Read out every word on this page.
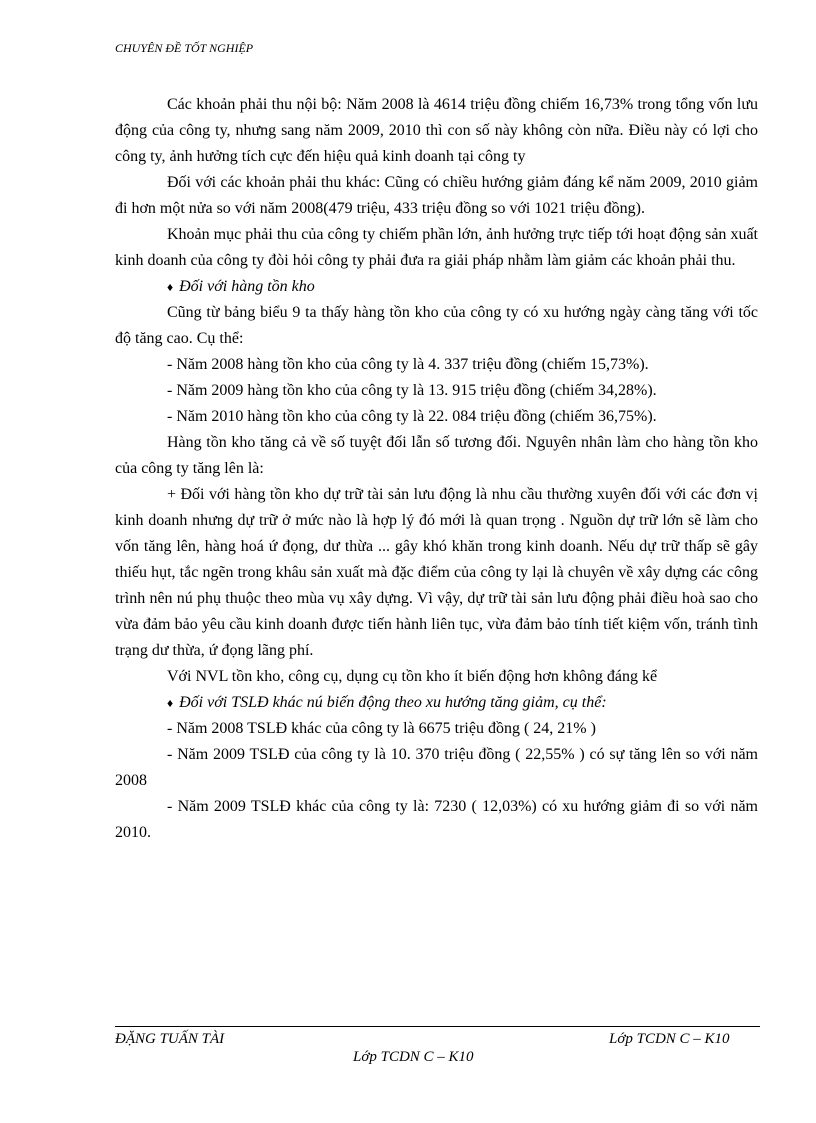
CHUYÊN ĐỀ TỐT NGHIỆP

Các khoản phải thu nội bộ: Năm 2008 là 4614 triệu đồng chiếm 16,73% trong tổng vốn lưu động của công ty, nhưng sang năm 2009, 2010 thì con số này không còn nữa. Điều này có lợi cho công ty, ảnh hưởng tích cực đến hiệu quả kinh doanh tại công ty

Đối với các khoản phải thu khác: Cũng có chiều hướng giảm đáng kể năm 2009, 2010 giảm đi hơn một nửa so với năm 2008(479 triệu, 433 triệu đồng so với 1021 triệu đồng).

Khoản mục phải thu của công ty chiếm phần lớn, ảnh hưởng trực tiếp tới hoạt động sản xuất kinh doanh của công ty đòi hỏi công ty phải đưa ra giải pháp nhằm làm giảm các khoản phải thu.

♦ Đối với hàng tồn kho

Cũng từ bảng biểu 9 ta thấy hàng tồn kho của công ty có xu hướng ngày càng tăng với tốc độ tăng cao. Cụ thể:

- Năm 2008 hàng tồn kho của công ty là 4. 337 triệu đồng (chiếm 15,73%).

- Năm 2009 hàng tồn kho của công ty là 13. 915 triệu đồng (chiếm 34,28%).

- Năm 2010 hàng tồn kho của công ty là 22. 084 triệu đồng (chiếm 36,75%).

Hàng tồn kho tăng cả về số tuyệt đối lẫn số tương đối. Nguyên nhân làm cho hàng tồn kho của công ty tăng lên là:

+ Đối với hàng tồn kho dự trữ tài sản lưu động là nhu cầu thường xuyên đối với các đơn vị kinh doanh nhưng dự trữ ở mức nào là hợp lý đó mới là quan trọng . Nguồn dự trữ lớn sẽ làm cho vốn tăng lên, hàng hoá ứ đọng, dư thừa ... gây khó khăn trong kinh doanh. Nếu dự trữ thấp sẽ gây thiếu hụt, tắc ngẽn trong khâu sản xuất mà đặc điểm của công ty lại là chuyên về xây dựng các công trình nên nú phụ thuộc theo mùa vụ xây dựng. Vì vậy, dự trữ tài sản lưu động phải điều hoà sao cho vừa đảm bảo yêu cầu kinh doanh được tiến hành liên tục, vừa đảm bảo tính tiết kiệm vốn, tránh tình trạng dư thừa, ứ đọng lãng phí.

Với NVL tồn kho, công cụ, dụng cụ tồn kho ít biến động hơn không đáng kể

♦ Đối với TSLĐ khác nú biến động theo xu hướng tăng giảm, cụ thể:

- Năm 2008 TSLĐ khác của công ty là 6675 triệu đồng ( 24, 21% )

- Năm 2009 TSLĐ của công ty là 10. 370 triệu đồng ( 22,55% ) có sự tăng lên so với năm 2008

- Năm 2009 TSLĐ khác của công ty là: 7230 ( 12,03%) có xu hướng giảm đi so với năm 2010.

ĐẶNG TUẤN TÀI	Lớp TCDN C – K10
Lớp TCDN C – K10
